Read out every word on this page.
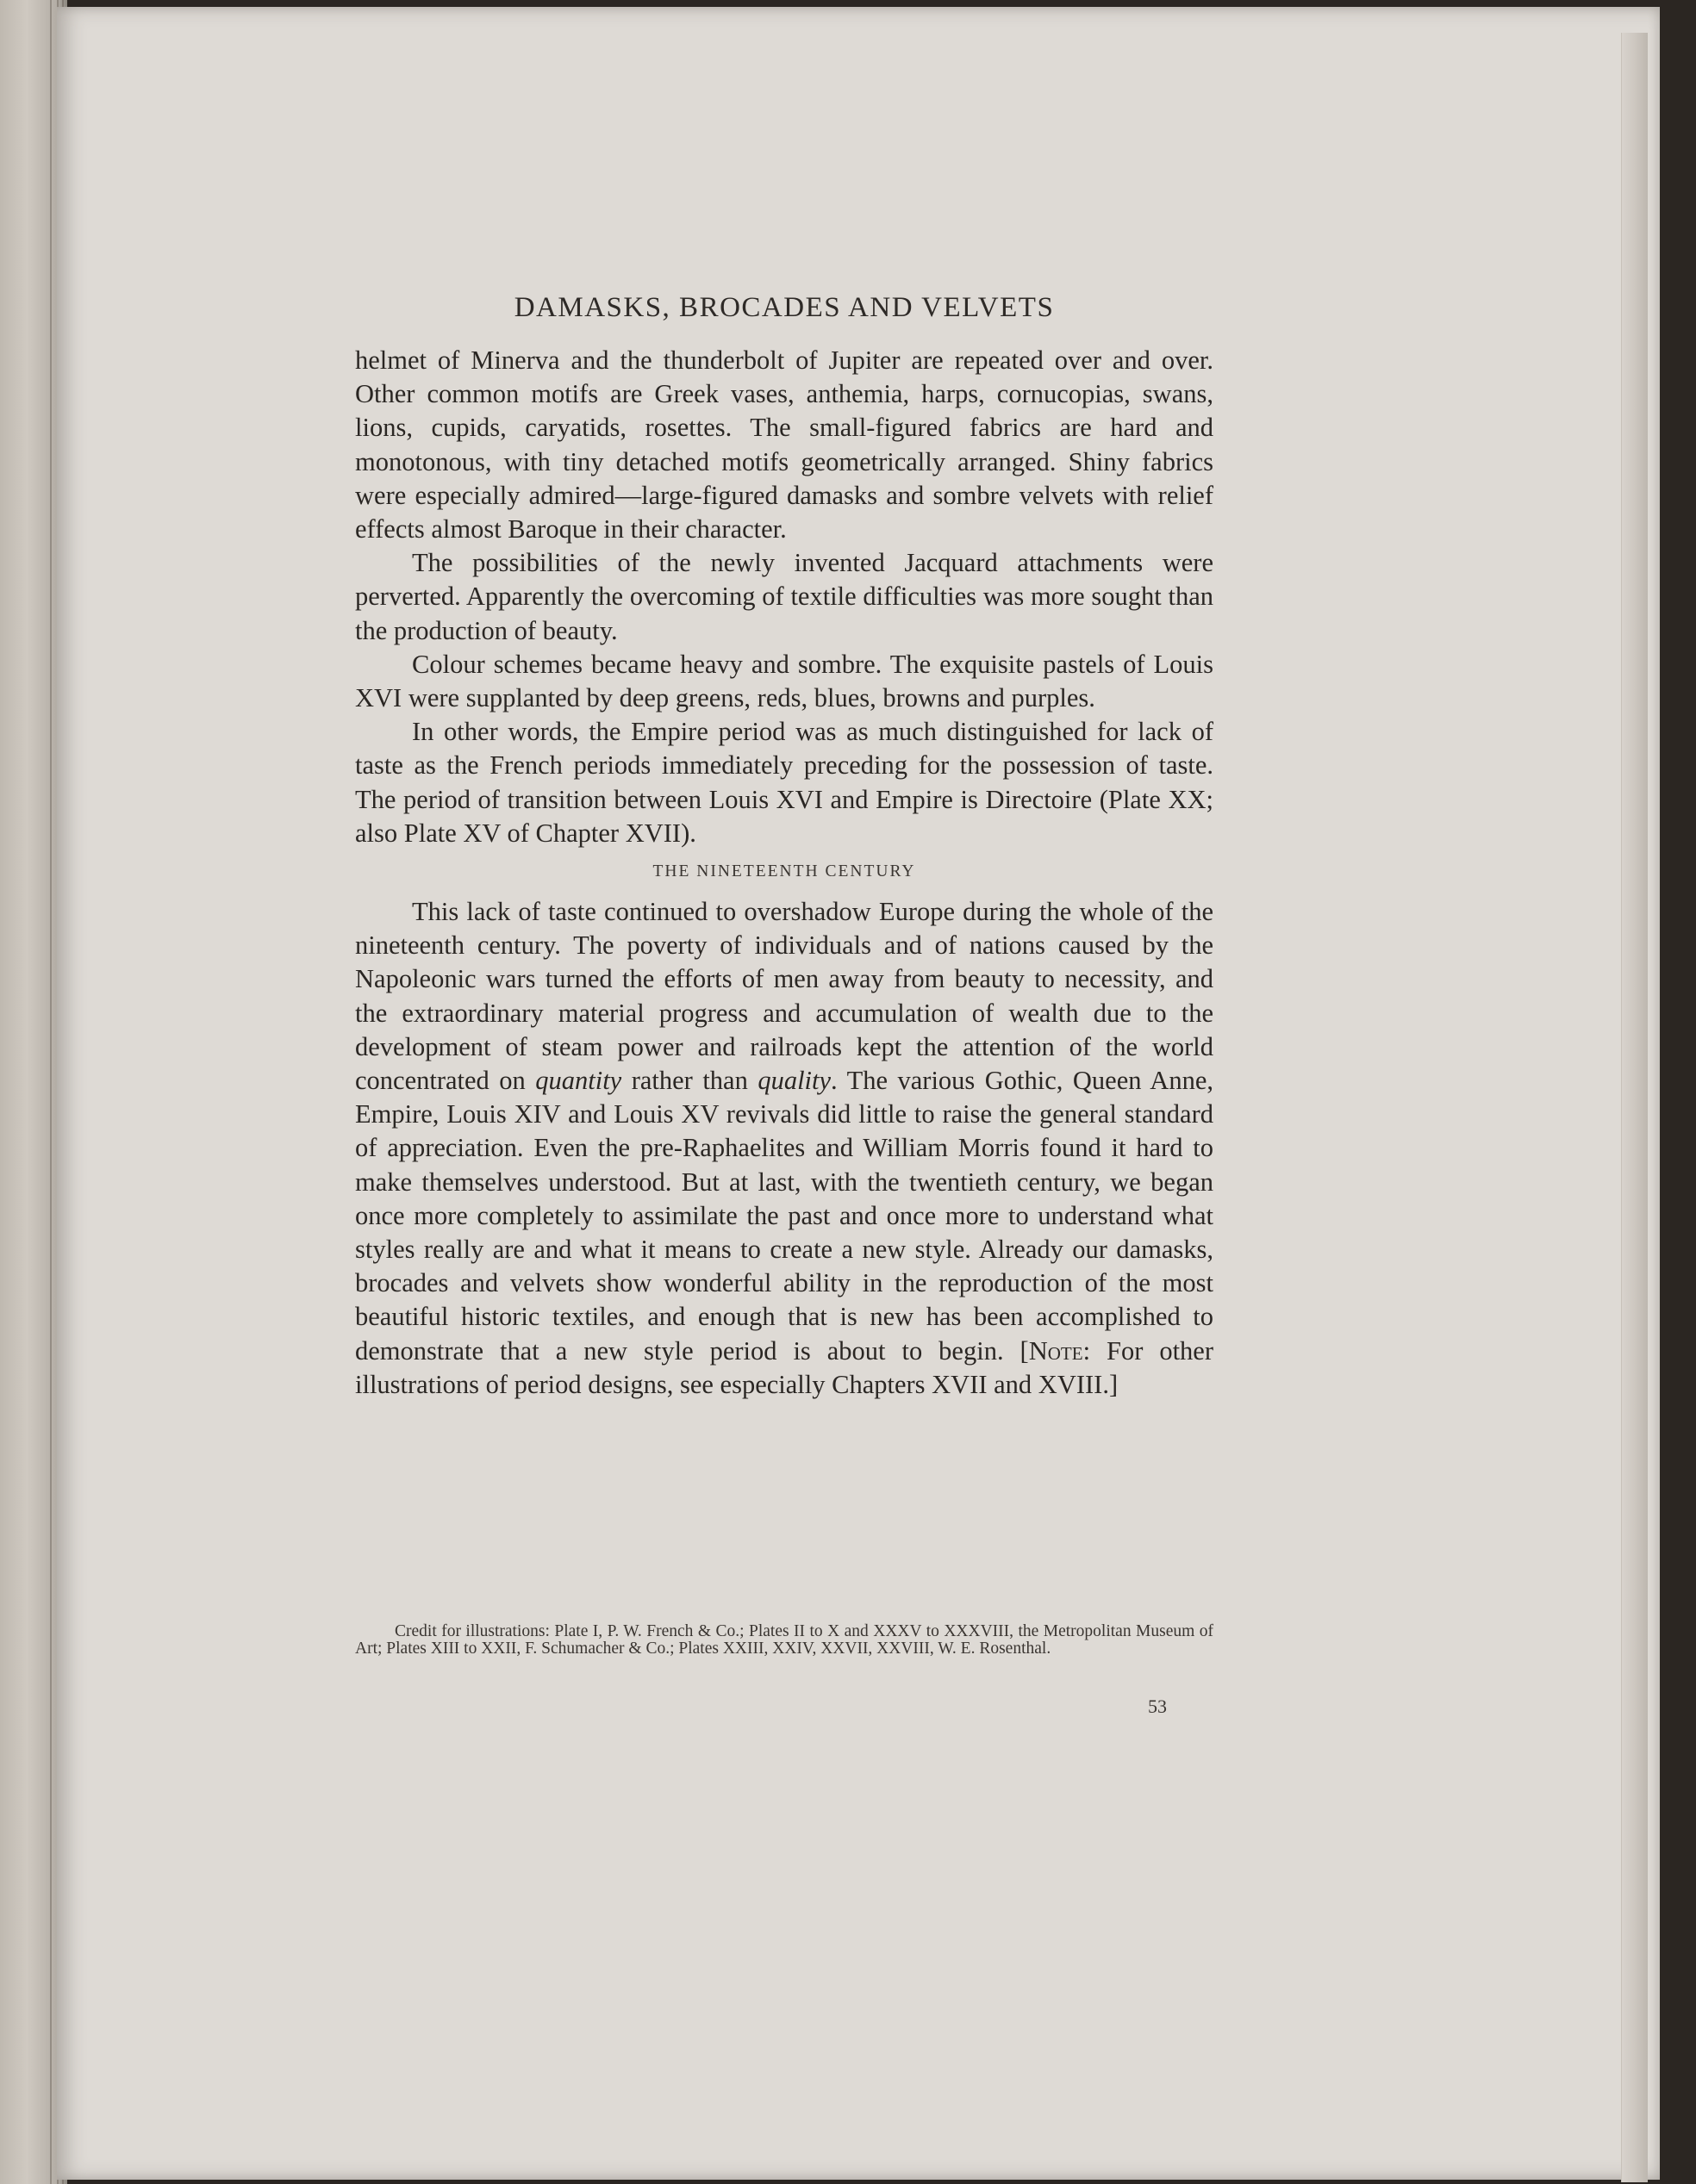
DAMASKS, BROCADES AND VELVETS

helmet of Minerva and the thunderbolt of Jupiter are repeated over and over. Other common motifs are Greek vases, anthemia, harps, cornucopias, swans, lions, cupids, caryatids, rosettes. The small-figured fabrics are hard and monotonous, with tiny detached motifs geometrically arranged. Shiny fabrics were especially admired—large-figured damasks and sombre velvets with relief effects almost Baroque in their character.

The possibilities of the newly invented Jacquard attachments were perverted. Apparently the overcoming of textile difficulties was more sought than the production of beauty.

Colour schemes became heavy and sombre. The exquisite pastels of Louis XVI were supplanted by deep greens, reds, blues, browns and purples.

In other words, the Empire period was as much distinguished for lack of taste as the French periods immediately preceding for the possession of taste. The period of transition between Louis XVI and Empire is Directoire (Plate XX; also Plate XV of Chapter XVII).

THE NINETEENTH CENTURY

This lack of taste continued to overshadow Europe during the whole of the nineteenth century. The poverty of individuals and of nations caused by the Napoleonic wars turned the efforts of men away from beauty to necessity, and the extraordinary material progress and accumulation of wealth due to the development of steam power and railroads kept the attention of the world concentrated on quantity rather than quality. The various Gothic, Queen Anne, Empire, Louis XIV and Louis XV revivals did little to raise the general standard of appreciation. Even the pre-Raphaelites and William Morris found it hard to make themselves understood. But at last, with the twentieth century, we began once more completely to assimilate the past and once more to understand what styles really are and what it means to create a new style. Already our damasks, brocades and velvets show wonderful ability in the reproduction of the most beautiful historic textiles, and enough that is new has been accomplished to demonstrate that a new style period is about to begin. [Note: For other illustrations of period designs, see especially Chapters XVII and XVIII.]

Credit for illustrations: Plate I, P. W. French & Co.; Plates II to X and XXXV to XXXVIII, the Metropolitan Museum of Art; Plates XIII to XXII, F. Schumacher & Co.; Plates XXIII, XXIV, XXVII, XXVIII, W. E. Rosenthal.
53
